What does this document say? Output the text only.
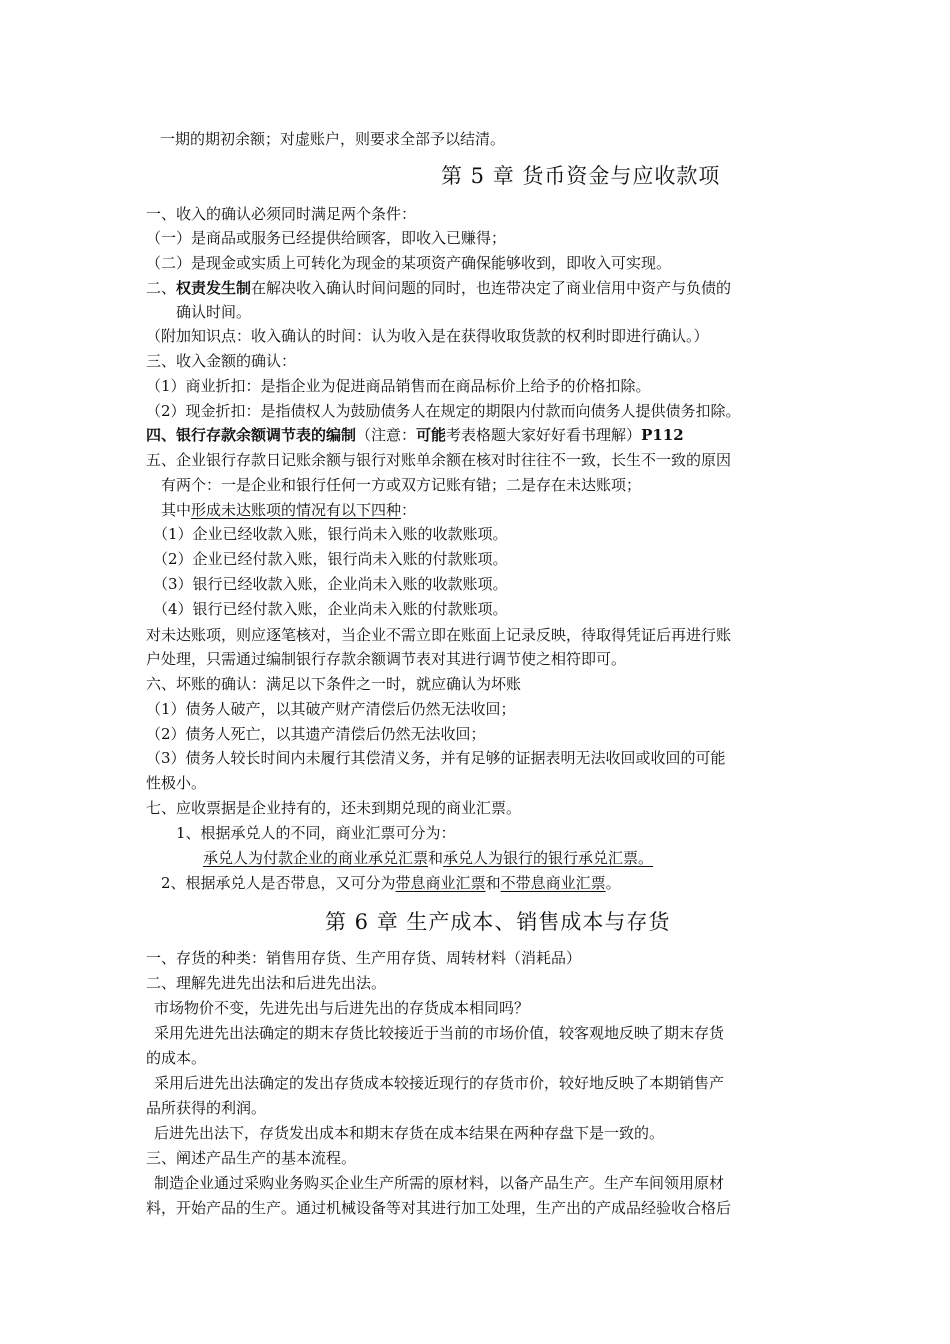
一期的期初余额；对虚账户，则要求全部予以结清。
第 5 章 货币资金与应收款项
一、收入的确认必须同时满足两个条件：
（一）是商品或服务已经提供给顾客，即收入已赚得；
（二）是现金或实质上可转化为现金的某项资产确保能够收到，即收入可实现。
二、权责发生制在解决收入确认时间问题的同时，也连带决定了商业信用中资产与负债的
确认时间。
（附加知识点：收入确认的时间：认为收入是在获得收取货款的权利时即进行确认。）
三、收入金额的确认：
（1）商业折扣：是指企业为促进商品销售而在商品标价上给予的价格扣除。
（2）现金折扣：是指债权人为鼓励债务人在规定的期限内付款而向债务人提供债务扣除。
四、银行存款余额调节表的编制（注意：可能考表格题大家好好看书理解）P112
五、企业银行存款日记账余额与银行对账单余额在核对时往往不一致，长生不一致的原因
有两个：一是企业和银行任何一方或双方记账有错；二是存在未达账项；
其中形成未达账项的情况有以下四种：
（1）企业已经收款入账，银行尚未入账的收款账项。
（2）企业已经付款入账，银行尚未入账的付款账项。
（3）银行已经收款入账，企业尚未入账的收款账项。
（4）银行已经付款入账，企业尚未入账的付款账项。
对未达账项，则应逐笔核对，当企业不需立即在账面上记录反映，待取得凭证后再进行账
户处理，只需通过编制银行存款余额调节表对其进行调节使之相符即可。
六、坏账的确认：满足以下条件之一时，就应确认为坏账
（1）债务人破产，以其破产财产清偿后仍然无法收回；
（2）债务人死亡，以其遗产清偿后仍然无法收回；
（3）债务人较长时间内未履行其偿清义务，并有足够的证据表明无法收回或收回的可能
性极小。
七、应收票据是企业持有的，还未到期兑现的商业汇票。
1、根据承兑人的不同，商业汇票可分为：
承兑人为付款企业的商业承兑汇票和承兑人为银行的银行承兑汇票。
2、根据承兑人是否带息，又可分为带息商业汇票和不带息商业汇票。
第 6 章 生产成本、销售成本与存货
一、存货的种类：销售用存货、生产用存货、周转材料（消耗品）
二、理解先进先出法和后进先出法。
市场物价不变，先进先出与后进先出的存货成本相同吗？
采用先进先出法确定的期末存货比较接近于当前的市场价值，较客观地反映了期末存货
的成本。
采用后进先出法确定的发出存货成本较接近现行的存货市价，较好地反映了本期销售产
品所获得的利润。
后进先出法下，存货发出成本和期末存货在成本结果在两种存盘下是一致的。
三、阐述产品生产的基本流程。
制造企业通过采购业务购买企业生产所需的原材料，以备产品生产。生产车间领用原材
料，开始产品的生产。通过机械设备等对其进行加工处理，生产出的产成品经验收合格后
